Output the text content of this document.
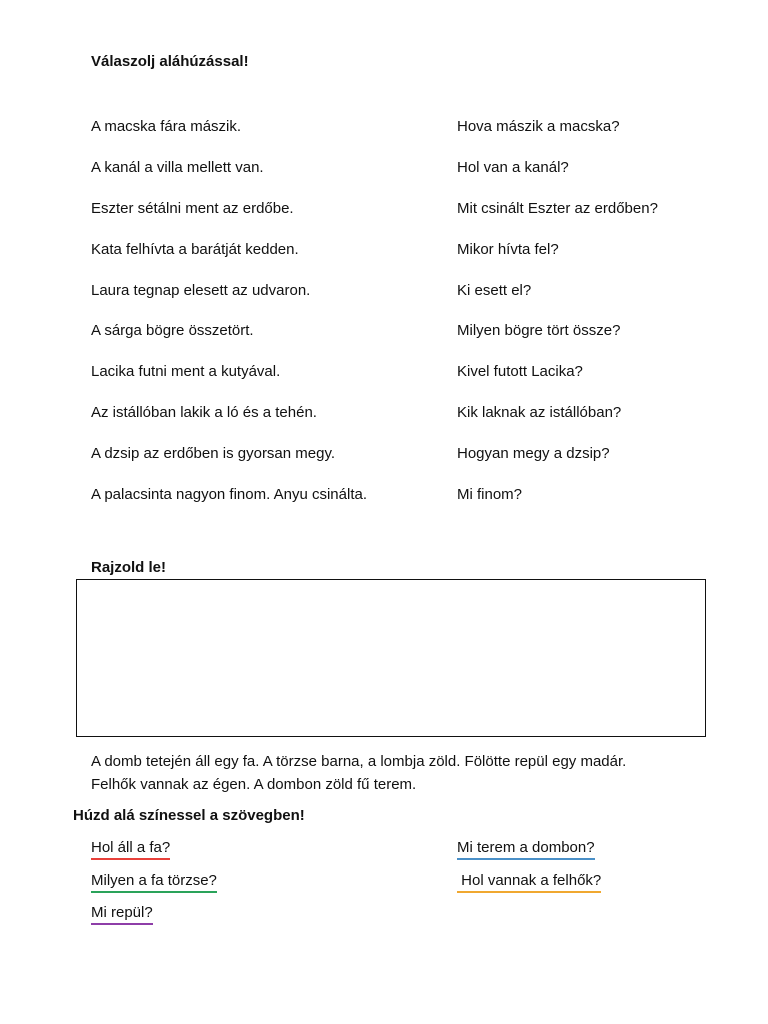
Válaszolj aláhúzással!
A macska fára mászik.	Hova mászik a macska?
A kanál a villa mellett van.	Hol van a kanál?
Eszter sétálni ment az erdőbe.	Mit csinált Eszter az erdőben?
Kata felhívta a barátját kedden.	Mikor hívta fel?
Laura tegnap elesett az udvaron.	Ki esett el?
A sárga bögre összetört.	Milyen bögre tört össze?
Lacika futni ment a kutyával.	Kivel futott Lacika?
Az istállóban lakik a ló és a tehén.	Kik laknak az istállóban?
A dzsip az erdőben is gyorsan megy.	Hogyan megy a dzsip?
A palacsinta nagyon finom. Anyu csinálta.	Mi finom?
Rajzold le!

A domb tetején áll egy fa. A törzse barna, a lombja zöld. Fölötte repül egy madár.
Felhők vannak az égen. A dombon zöld fű terem.

Húzd alá színessel a szövegben!
Hol áll a fa?	Mi terem a dombon?
Milyen a fa törzse?	Hol vannak a felhők?
Mi repül?
